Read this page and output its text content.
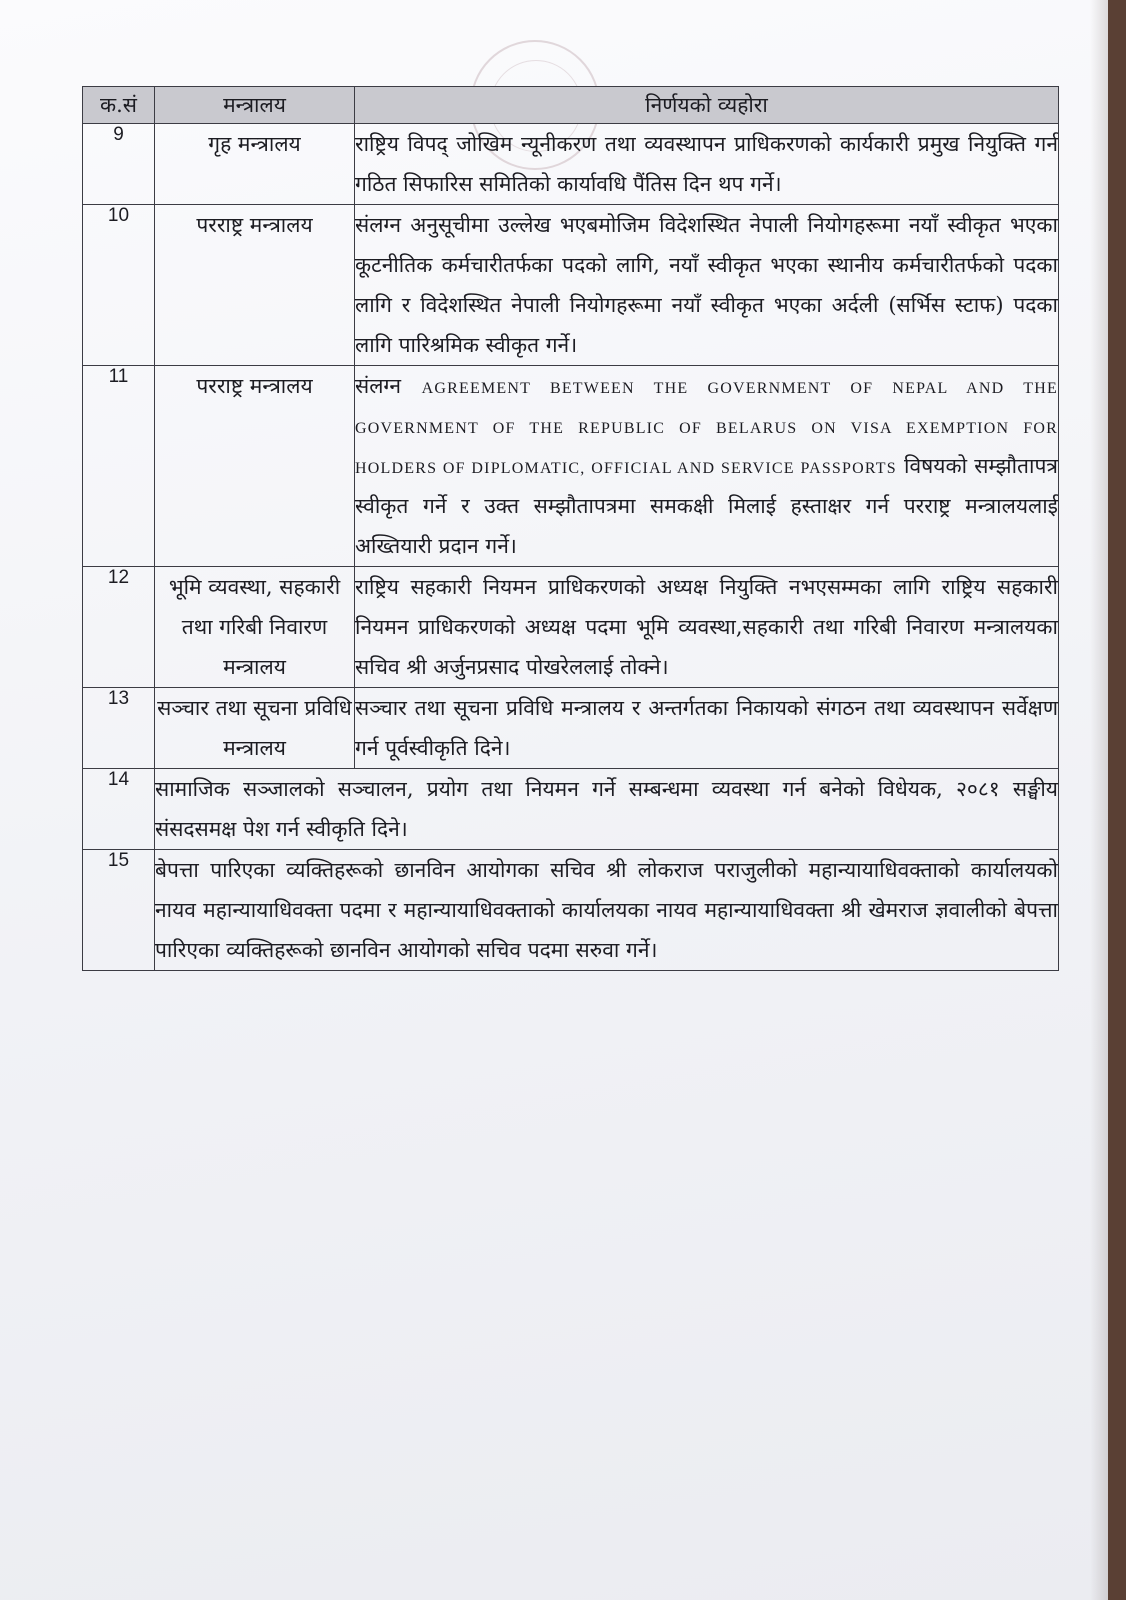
क.सं	मन्त्रालय	निर्णयको व्यहोरा
9	गृह मन्त्रालय	राष्ट्रिय विपद् जोखिम न्यूनीकरण तथा व्यवस्थापन प्राधिकरणको कार्यकारी प्रमुख नियुक्ति गर्न गठित सिफारिस समितिको कार्यावधि पैंतिस दिन थप गर्ने।
10	परराष्ट्र मन्त्रालय	संलग्न अनुसूचीमा उल्लेख भएबमोजिम विदेशस्थित नेपाली नियोगहरूमा नयाँ स्वीकृत भएका कूटनीतिक कर्मचारीतर्फका पदको लागि, नयाँ स्वीकृत भएका स्थानीय कर्मचारीतर्फको पदका लागि र विदेशस्थित नेपाली नियोगहरूमा नयाँ स्वीकृत भएका अर्दली (सर्भिस स्टाफ) पदका लागि पारिश्रमिक स्वीकृत गर्ने।
11	परराष्ट्र मन्त्रालय	संलग्न AGREEMENT BETWEEN THE GOVERNMENT OF NEPAL AND THE GOVERNMENT OF THE REPUBLIC OF BELARUS ON VISA EXEMPTION FOR HOLDERS OF DIPLOMATIC, OFFICIAL AND SERVICE PASSPORTS विषयको सम्झौतापत्र स्वीकृत गर्ने र उक्त सम्झौतापत्रमा समकक्षी मिलाई हस्ताक्षर गर्न परराष्ट्र मन्त्रालयलाई अख्तियारी प्रदान गर्ने।
12	भूमि व्यवस्था, सहकारी तथा गरिबी निवारण मन्त्रालय	राष्ट्रिय सहकारी नियमन प्राधिकरणको अध्यक्ष नियुक्ति नभएसम्मका लागि राष्ट्रिय सहकारी नियमन प्राधिकरणको अध्यक्ष पदमा भूमि व्यवस्था,सहकारी तथा गरिबी निवारण मन्त्रालयका सचिव श्री अर्जुनप्रसाद पोखरेललाई तोक्ने।
13	सञ्चार तथा सूचना प्रविधि मन्त्रालय	सञ्चार तथा सूचना प्रविधि मन्त्रालय र अन्तर्गतका निकायको संगठन तथा व्यवस्थापन सर्वेक्षण गर्न पूर्वस्वीकृति दिने।
14	सामाजिक सञ्जालको सञ्चालन, प्रयोग तथा नियमन गर्ने सम्बन्धमा व्यवस्था गर्न बनेको विधेयक, २०८१ सङ्घीय संसदसमक्ष पेश गर्न स्वीकृति दिने।	
15	बेपत्ता पारिएका व्यक्तिहरूको छानविन आयोगका सचिव श्री लोकराज पराजुलीको महान्यायाधिवक्ताको कार्यालयको नायव महान्यायाधिवक्ता पदमा र महान्यायाधिवक्ताको कार्यालयका नायव महान्यायाधिवक्ता श्री खेमराज ज्ञवालीको बेपत्ता पारिएका व्यक्तिहरूको छानविन आयोगको सचिव पदमा सरुवा गर्ने।	
